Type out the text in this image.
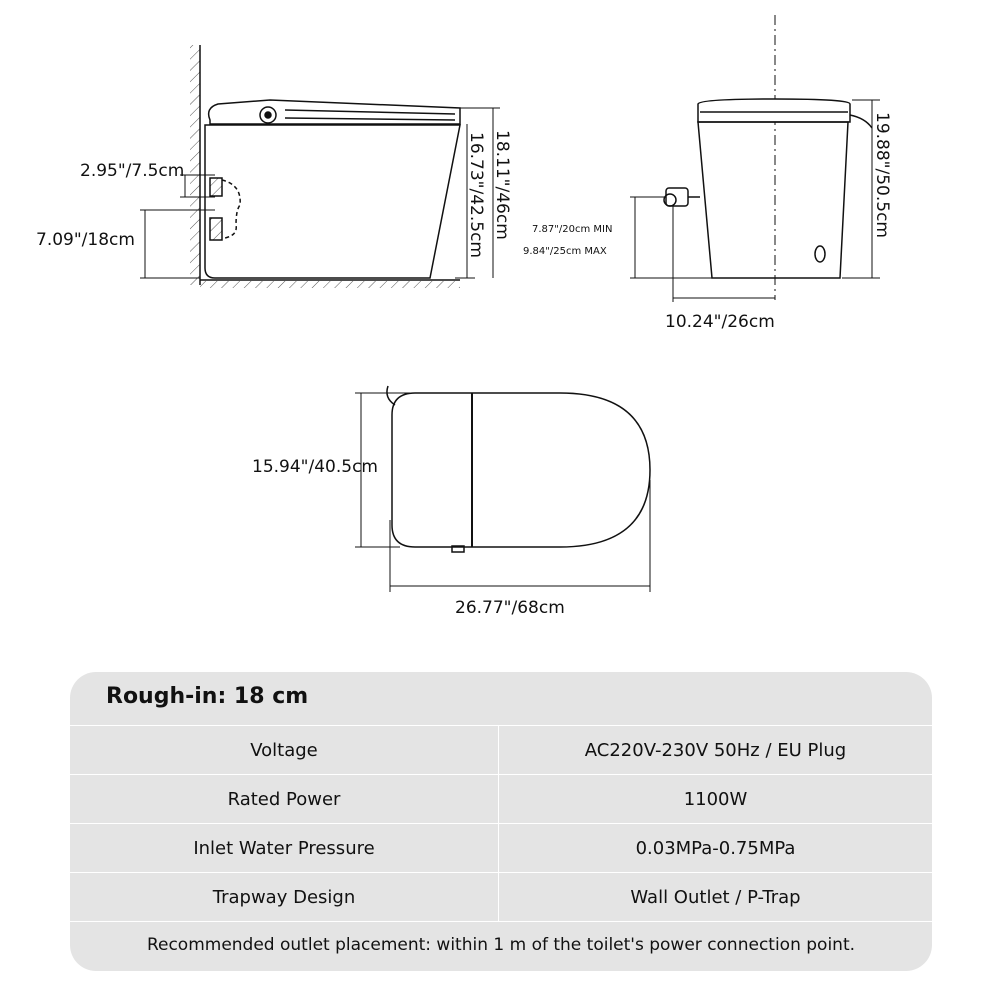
2.95"/7.5cm
7.09"/18cm	16.73"/42.5cm 18.11"/46cm 7.87"/20cm MIN
9.84"/25cm MAX
10.24"/26cm
19.88"/50.5cm
15.94"/40.5cm
26.77"/68cm
Rough-in: 18 cm
Voltage	AC220V-230V 50Hz / EU Plug
Rated Power	1100W
Inlet Water Pressure	0.03MPa-0.75MPa
Trapway Design	Wall Outlet / P-Trap
Recommended outlet placement: within 1 m of the toilet's power connection point.
